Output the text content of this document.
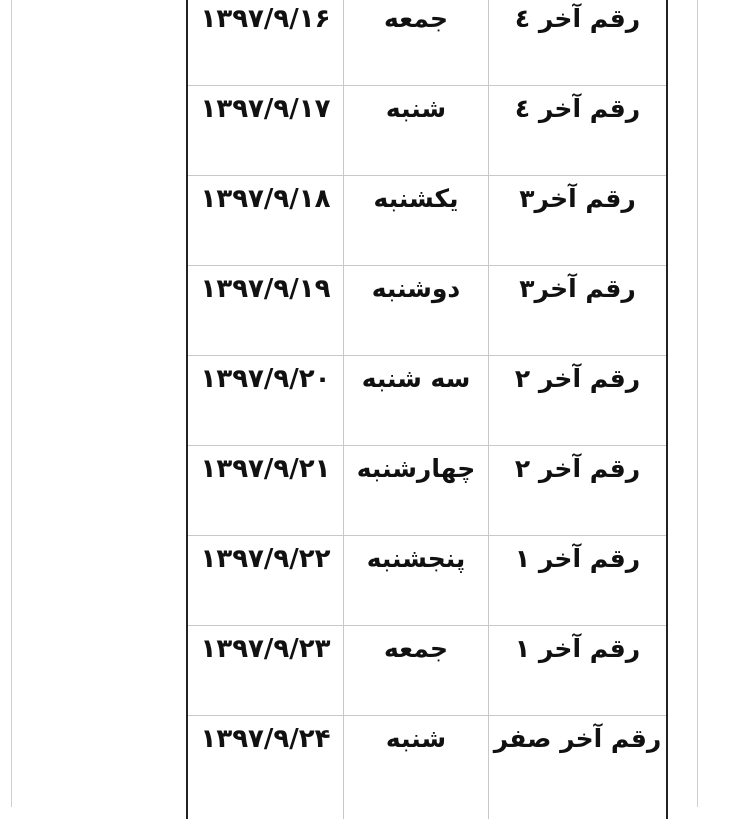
۱۳۹۷/۹/۱۶	جمعه	رقم آخر ٤
۱۳۹۷/۹/۱۷	شنبه	رقم آخر ٤
۱۳۹۷/۹/۱۸	یکشنبه	رقم آخر۳
۱۳۹۷/۹/۱۹	دوشنبه	رقم آخر۳
۱۳۹۷/۹/۲۰	سه شنبه	رقم آخر ۲
۱۳۹۷/۹/۲۱	چهارشنبه	رقم آخر ۲
۱۳۹۷/۹/۲۲	پنجشنبه	رقم آخر ۱
۱۳۹۷/۹/۲۳	جمعه	رقم آخر ۱
۱۳۹۷/۹/۲۴	شنبه	رقم آخر صفر
